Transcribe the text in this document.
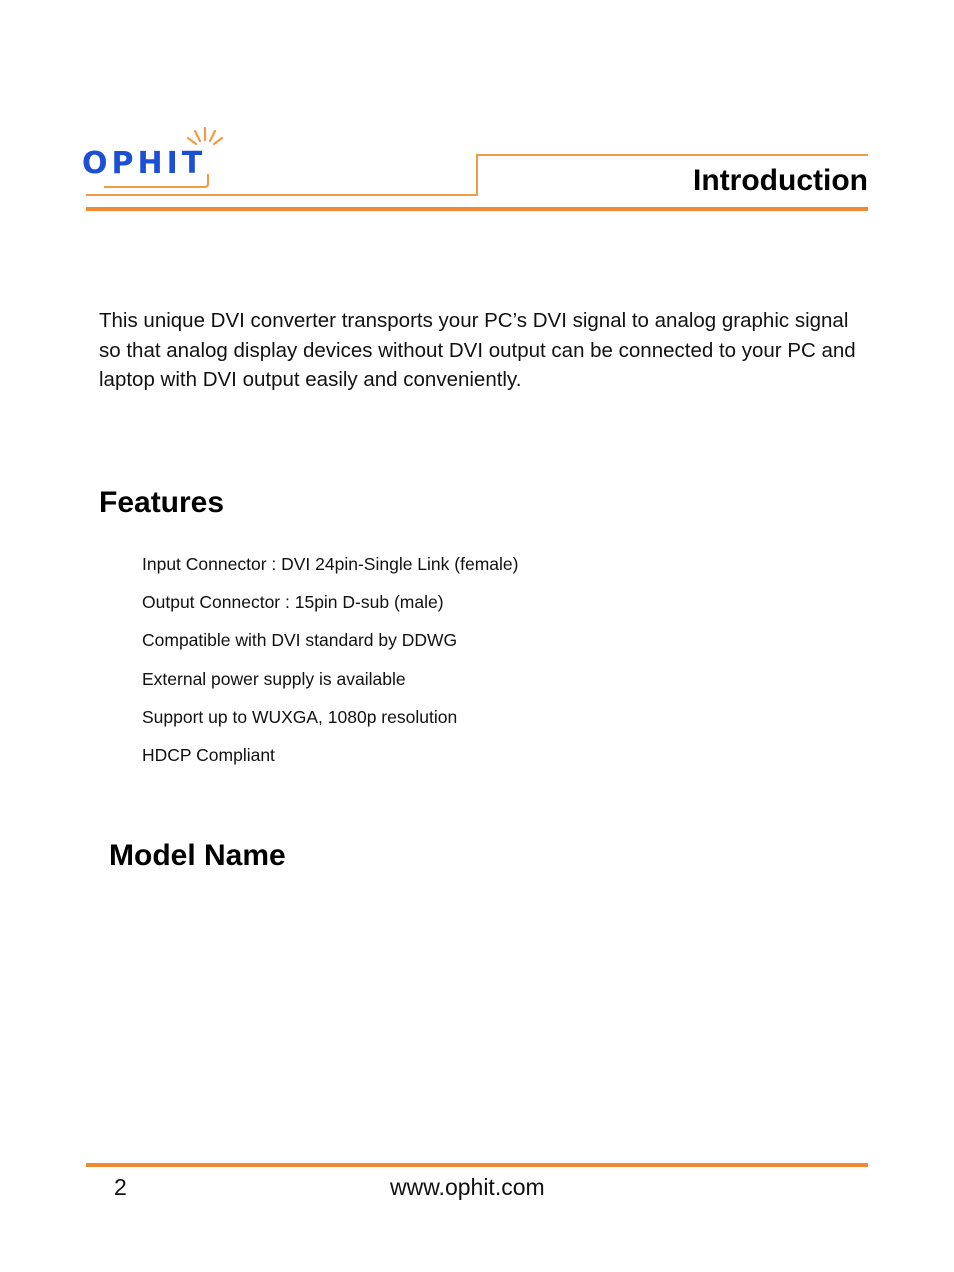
OPHIT	Introduction

This unique DVI converter transports your PC’s DVI signal to analog graphic signal so that analog display devices without DVI output can be connected to your PC and laptop with DVI output easily and conveniently.

Features
Input Connector : DVI 24pin-Single Link (female)
Output Connector : 15pin D-sub (male)
Compatible with DVI standard by DDWG
External power supply is available
Support up to WUXGA, 1080p resolution
HDCP Compliant
Model Name
2	www.ophit.com
